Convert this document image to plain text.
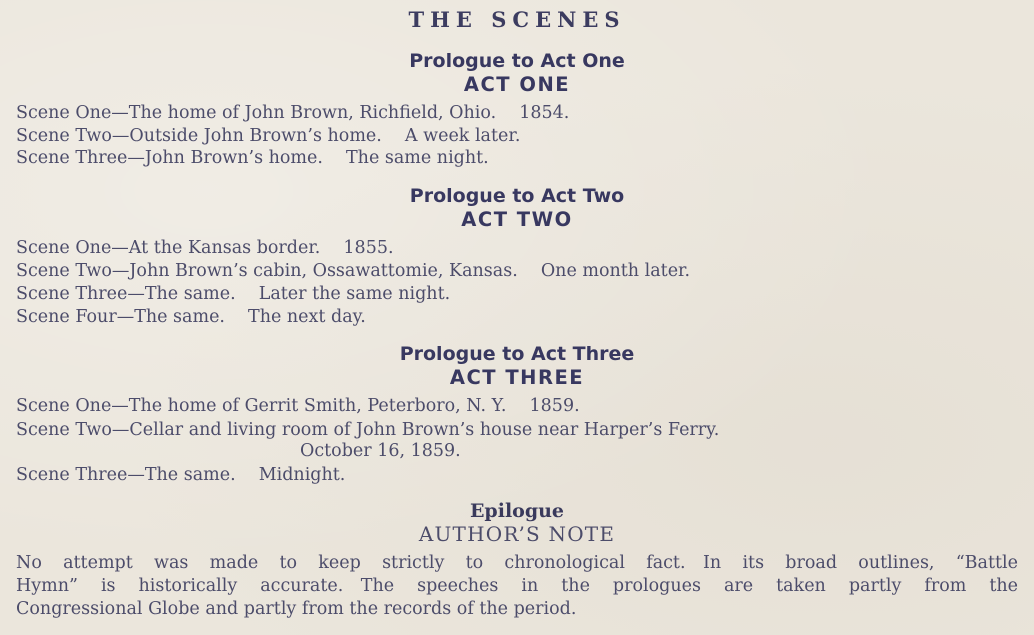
THE SCENES
Prologue to Act One
ACT ONE
Scene One—The home of John Brown, Richfield, Ohio.  1854.
Scene Two—Outside John Brown’s home.  A week later.
Scene Three—John Brown’s home.  The same night.
Prologue to Act Two
ACT TWO
Scene One—At the Kansas border.  1855.
Scene Two—John Brown’s cabin, Ossawattomie, Kansas.  One month later.
Scene Three—The same.  Later the same night.
Scene Four—The same.  The next day.
Prologue to Act Three
ACT THREE
Scene One—The home of Gerrit Smith, Peterboro, N. Y.  1859.
Scene Two—Cellar and living room of John Brown’s house near Harper’s Ferry.
October 16, 1859.
Scene Three—The same.  Midnight.
Epilogue
AUTHOR’S NOTE
No attempt was made to keep strictly to chronological fact. In its broad outlines, “Battle
Hymn” is historically accurate. The speeches in the prologues are taken partly from the
Congressional Globe and partly from the records of the period.
